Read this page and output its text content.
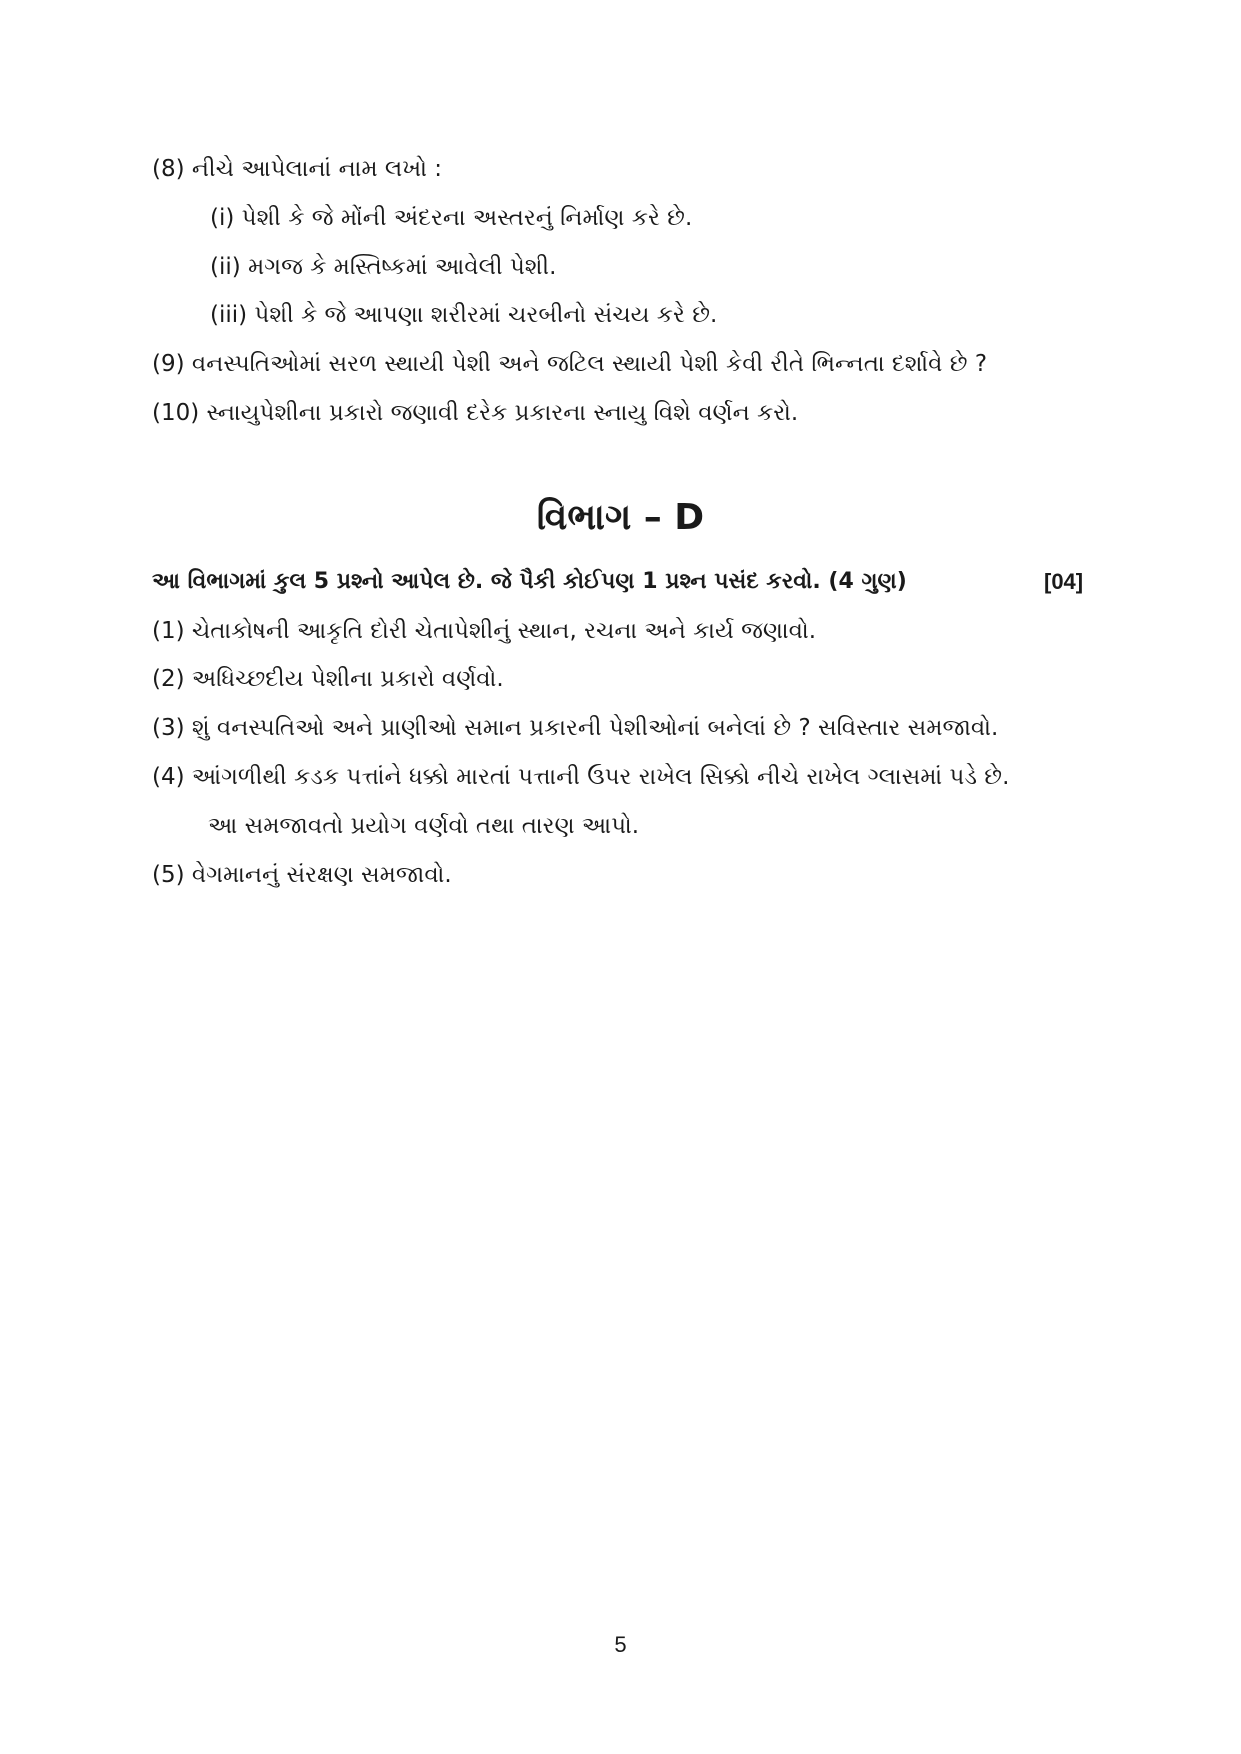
(8) નીચે આપેલાનાં નામ લખો :
(i) પેશી કે જે મોંની અંદરના અસ્તરનું નિર્માણ કરે છે.
(ii) મગજ કે મસ્તિષ્કમાં આવેલી પેશી.
(iii) પેશી કે જે આપણા શરીરમાં ચરબીનો સંચય કરે છે.
(9) વનસ્પતિઓમાં સરળ સ્થાયી પેશી અને જટિલ સ્થાયી પેશી કેવી રીતે ભિન્નતા દર્શાવે છે ?
(10) સ્નાયુપેશીના પ્રકારો જણાવી દરેક પ્રકારના સ્નાયુ વિશે વર્ણન કરો.
વિભાગ – D
આ વિભાગમાં કુલ 5 પ્રશ્નો આપેલ છે. જે પૈકી કોઈપણ 1 પ્રશ્ન પસંદ કરવો. (4 ગુણ)	[04]
(1) ચેતાકોષની આકૃતિ દોરી ચેતાપેશીનું સ્થાન, રચના અને કાર્ય જણાવો.
(2) અધિચ્છદીય પેશીના પ્રકારો વર્ણવો.
(3) શું વનસ્પતિઓ અને પ્રાણીઓ સમાન પ્રકારની પેશીઓનાં બનેલાં છે ? સવિસ્તાર સમજાવો.
(4) આંગળીથી કડક પત્તાંને ધક્કો મારતાં પત્તાની ઉપર રાખેલ સિક્કો નીચે રાખેલ ગ્લાસમાં પડે છે.
આ સમજાવતો પ્રયોગ વર્ણવો તથા તારણ આપો.
(5) વેગમાનનું સંરક્ષણ સમજાવો.
5
